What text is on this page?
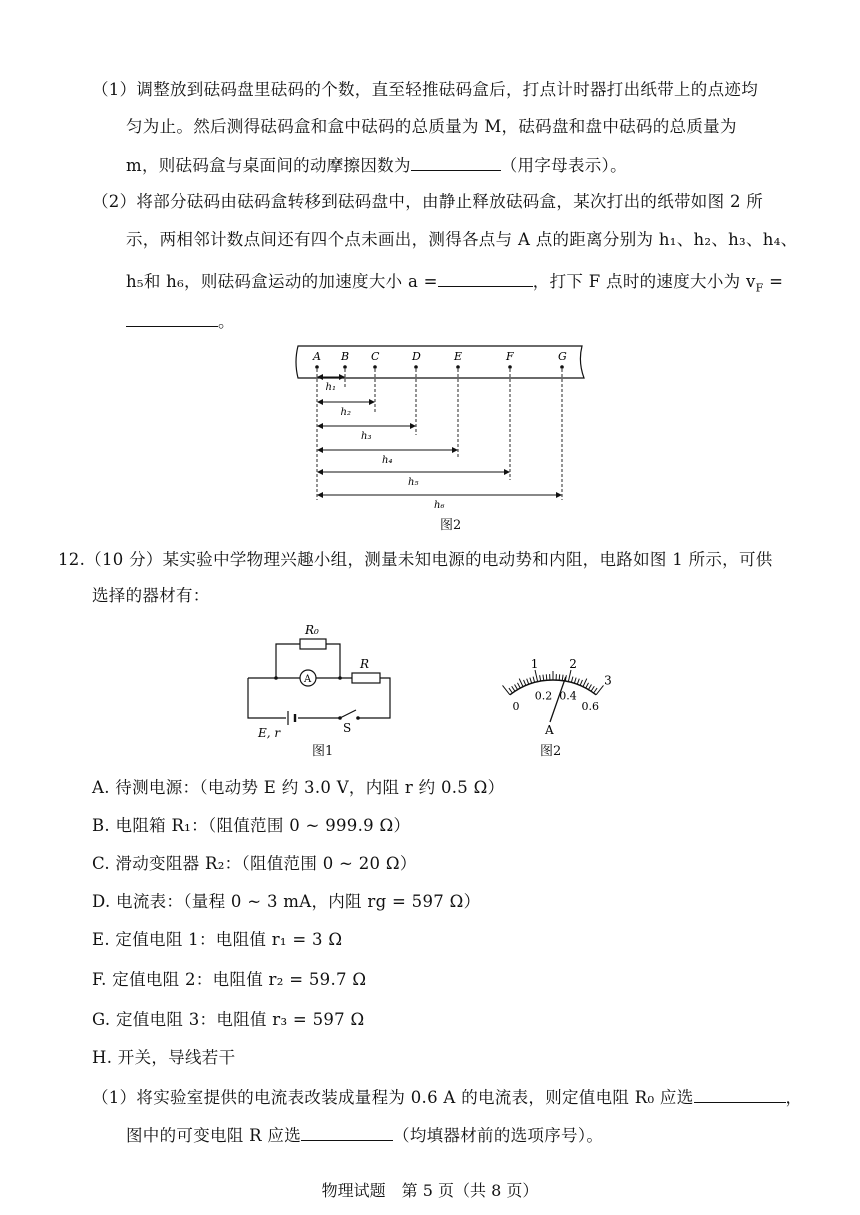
（1）调整放到砝码盘里砝码的个数，直至轻推砝码盒后，打点计时器打出纸带上的点迹均
匀为止。然后测得砝码盒和盒中砝码的总质量为 M，砝码盘和盘中砝码的总质量为
m，则砝码盒与桌面间的动摩擦因数为	（用字母表示）。
（2）将部分砝码由砝码盒转移到砝码盘中，由静止释放砝码盒，某次打出的纸带如图 2 所
示，两相邻计数点间还有四个点未画出，测得各点与 A 点的距离分别为 h₁、h₂、h₃、h₄、
h₅和 h₆，则砝码盒运动的加速度大小 a =	，打下 F 点时的速度大小为 $v_F$ =
。
A B C	D	E	F	G
h₁
h₂
h₃
h₄
h₅
h₆
图2
12.（10 分）某实验中学物理兴趣小组，测量未知电源的电动势和内阻，电路如图 1 所示，可供
选择的器材有：
R₀
A
R
E, r	S
图1
1	2
3
0
0.2 0.4
0.6
A
图2
A. 待测电源：（电动势 E 约 3.0 V，内阻 r 约 0.5 Ω）
B. 电阻箱 R₁：（阻值范围 0 ~ 999.9 Ω）
C. 滑动变阻器 R₂：（阻值范围 0 ~ 20 Ω）
D. 电流表：（量程 0 ~ 3 mA，内阻 rg = 597 Ω）
E. 定值电阻 1：电阻值 r₁ = 3 Ω
F. 定值电阻 2：电阻值 r₂ = 59.7 Ω
G. 定值电阻 3：电阻值 r₃ = 597 Ω
H. 开关，导线若干
（1）将实验室提供的电流表改装成量程为 0.6 A 的电流表，则定值电阻 R₀ 应选	，
图中的可变电阻 R 应选	（均填器材前的选项序号）。
物理试题　第 5 页（共 8 页）
